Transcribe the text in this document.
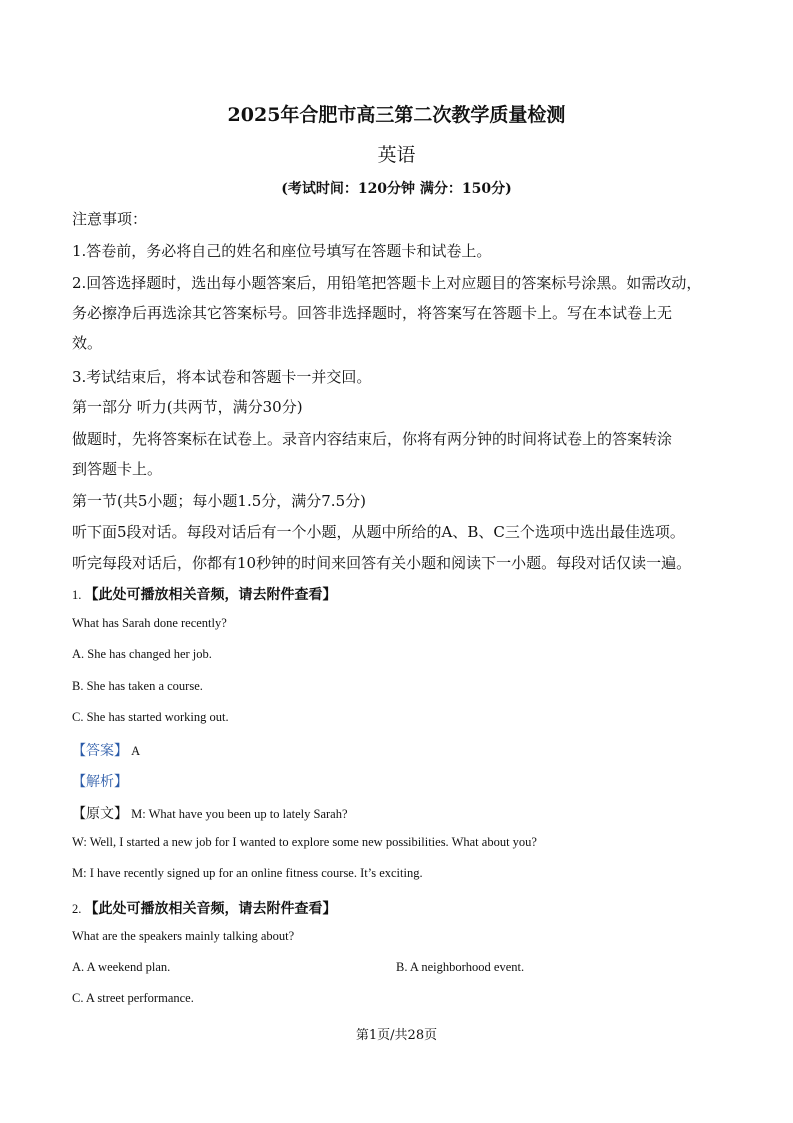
2025年合肥市高三第二次教学质量检测
英语
(考试时间：120分钟 满分：150分)
注意事项：
1.答卷前，务必将自己的姓名和座位号填写在答题卡和试卷上。
2.回答选择题时，选出每小题答案后，用铅笔把答题卡上对应题目的答案标号涂黑。如需改动，
务必擦净后再选涂其它答案标号。回答非选择题时，将答案写在答题卡上。写在本试卷上无
效。
3.考试结束后，将本试卷和答题卡一并交回。
第一部分 听力(共两节，满分30分)
做题时，先将答案标在试卷上。录音内容结束后，你将有两分钟的时间将试卷上的答案转涂
到答题卡上。
第一节(共5小题；每小题1.5分，满分7.5分)
听下面5段对话。每段对话后有一个小题，从题中所给的A、B、C三个选项中选出最佳选项。
听完每段对话后，你都有10秒钟的时间来回答有关小题和阅读下一小题。每段对话仅读一遍。
1. 【此处可播放相关音频，请去附件查看】
What has Sarah done recently?
A. She has changed her job.
B. She has taken a course.
C. She has started working out.
【答案】 A
【解析】
【原文】 M: What have you been up to lately Sarah?
W: Well, I started a new job for I wanted to explore some new possibilities. What about you?
M: I have recently signed up for an online fitness course. It’s exciting.
2. 【此处可播放相关音频，请去附件查看】
What are the speakers mainly talking about?
A. A weekend plan.	B. A neighborhood event.
C. A street performance.
第1页/共28页
